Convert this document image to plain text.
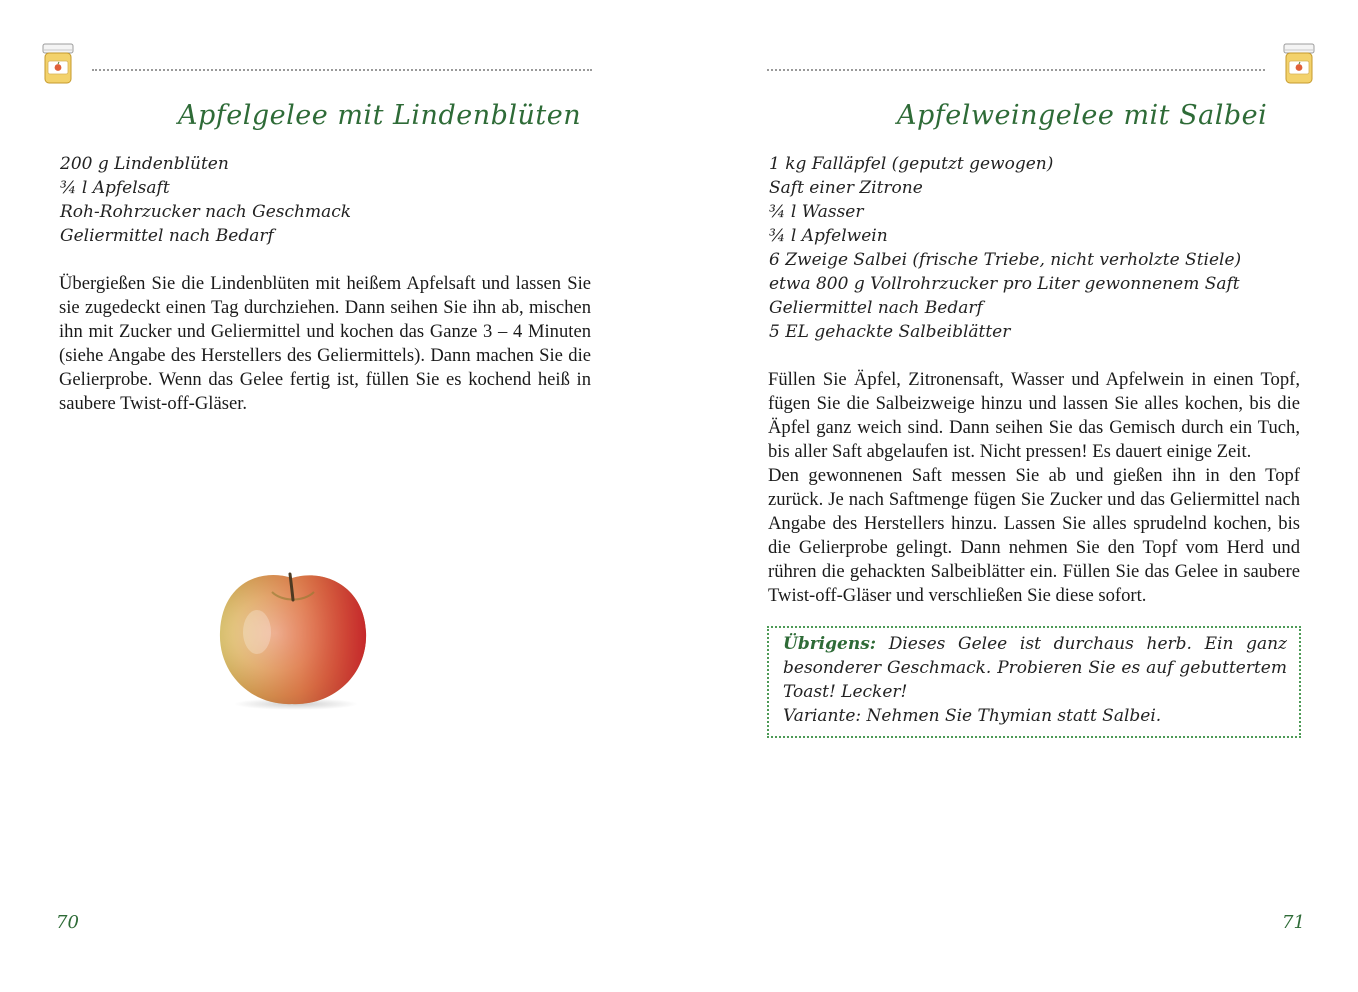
Apfelgelee mit Lindenblüten
200 g Lindenblüten
¾ l Apfelsaft
Roh-Rohrzucker nach Geschmack
Geliermittel nach Bedarf

Übergießen Sie die Lindenblüten mit heißem Apfelsaft und lassen Sie sie zugedeckt einen Tag durchziehen. Dann seihen Sie ihn ab, mischen ihn mit Zucker und Geliermittel und kochen das Ganze 3 – 4 Minuten (siehe Angabe des Herstellers des Geliermittels). Dann machen Sie die Gelierprobe. Wenn das Gelee fertig ist, füllen Sie es kochend heiß in saubere Twist-off-Gläser.

70
Apfelweingelee mit Salbei
1 kg Falläpfel (geputzt gewogen)
Saft einer Zitrone
¾ l Wasser
¾ l Apfelwein
6 Zweige Salbei (frische Triebe, nicht verholzte Stiele)
etwa 800 g Vollrohrzucker pro Liter gewonnenem Saft
Geliermittel nach Bedarf
5 EL gehackte Salbeiblätter

Füllen Sie Äpfel, Zitronensaft, Wasser und Apfelwein in einen Topf, fügen Sie die Salbeizweige hinzu und lassen Sie alles kochen, bis die Äpfel ganz weich sind. Dann seihen Sie das Gemisch durch ein Tuch, bis aller Saft abgelaufen ist. Nicht pressen! Es dauert einige Zeit.

Den gewonnenen Saft messen Sie ab und gießen ihn in den Topf zurück. Je nach Saftmenge fügen Sie Zucker und das Geliermittel nach Angabe des Herstellers hinzu. Lassen Sie alles sprudelnd kochen, bis die Gelierprobe gelingt. Dann nehmen Sie den Topf vom Herd und rühren die gehackten Salbeiblätter ein. Füllen Sie das Gelee in saubere Twist-off-Gläser und verschließen Sie diese sofort.

Übrigens: Dieses Gelee ist durchaus herb. Ein ganz besonderer Geschmack. Probieren Sie es auf gebuttertem Toast! Lecker!
Variante: Nehmen Sie Thymian statt Salbei.
71
